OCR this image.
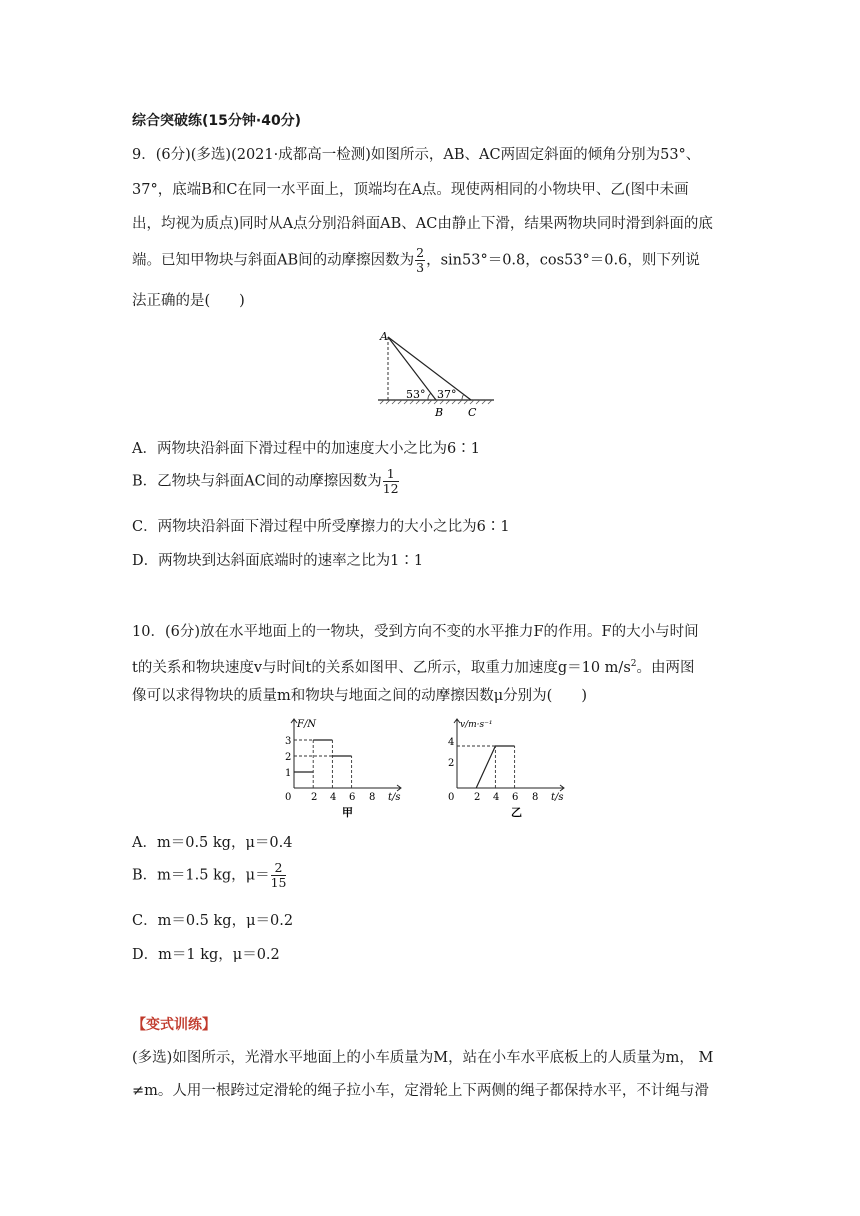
综合突破练(15分钟·40分)
9．(6分)(多选)(2021·成都高一检测)如图所示，AB、AC两固定斜面的倾角分别为53°、
37°，底端B和C在同一水平面上，顶端均在A点。现使两相同的小物块甲、乙(图中未画
出，均视为质点)同时从A点分别沿斜面AB、AC由静止下滑，结果两物块同时滑到斜面的底
端。已知甲物块与斜面AB间的动摩擦因数为 $\frac{2}{3}$ ，sin53°＝0.8，cos53°＝0.6，则下列说
法正确的是(　　)
A
53° 37°
B C
A．两物块沿斜面下滑过程中的加速度大小之比为6∶1
B．乙物块与斜面AC间的动摩擦因数为 $\frac{1}{12}$
C．两物块沿斜面下滑过程中所受摩擦力的大小之比为6∶1
D．两物块到达斜面底端时的速率之比为1∶1
10．(6分)放在水平地面上的一物块，受到方向不变的水平推力F的作用。F的大小与时间
t的关系和物块速度v与时间t的关系如图甲、乙所示，取重力加速度g＝10 $m/s^2$。由两图
像可以求得物块的质量m和物块与地面之间的动摩擦因数μ分别为(　　)
F/N
t/s
1
2
3
0 2 4 6 8
甲
v/m·s⁻¹
t/s
2
4
0 2 4 6 8
乙
A．m＝0.5 kg，μ＝0.4
B．m＝1.5 kg，$\mu= \frac{2}{15}$
C．m＝0.5 kg，μ＝0.2
D．m＝1 kg，μ＝0.2
【变式训练】
(多选)如图所示，光滑水平地面上的小车质量为M，站在小车水平底板上的人质量为m， M
≠m。人用一根跨过定滑轮的绳子拉小车，定滑轮上下两侧的绳子都保持水平，不计绳与滑
